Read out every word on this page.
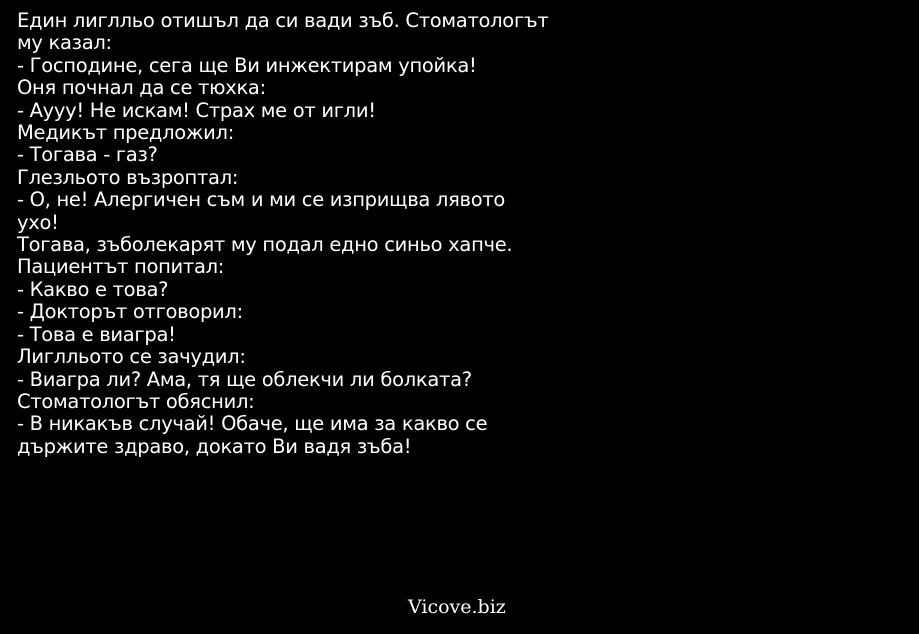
Един лиглльо отишъл да си вади зъб. Стоматологът
му казал:
- Господине, сега ще Ви инжектирам упойка!
Оня почнал да се тюхка:
- Аууу! Не искам! Страх ме от игли!
Медикът предложил:
- Тогава - газ?
Глезльото възроптал:
- О, не! Алергичен съм и ми се изприщва лявото
ухо!
Тогава, зъболекарят му подал едно синьо хапче.
Пациентът попитал:
- Какво е това?
- Докторът отговорил:
- Това е виагра!
Лиглльото се зачудил:
- Виагра ли? Ама, тя ще облекчи ли болката?
Стоматологът обяснил:
- В никакъв случай! Обаче, ще има за какво се
държите здраво, докато Ви вадя зъба!
Vicove.biz
